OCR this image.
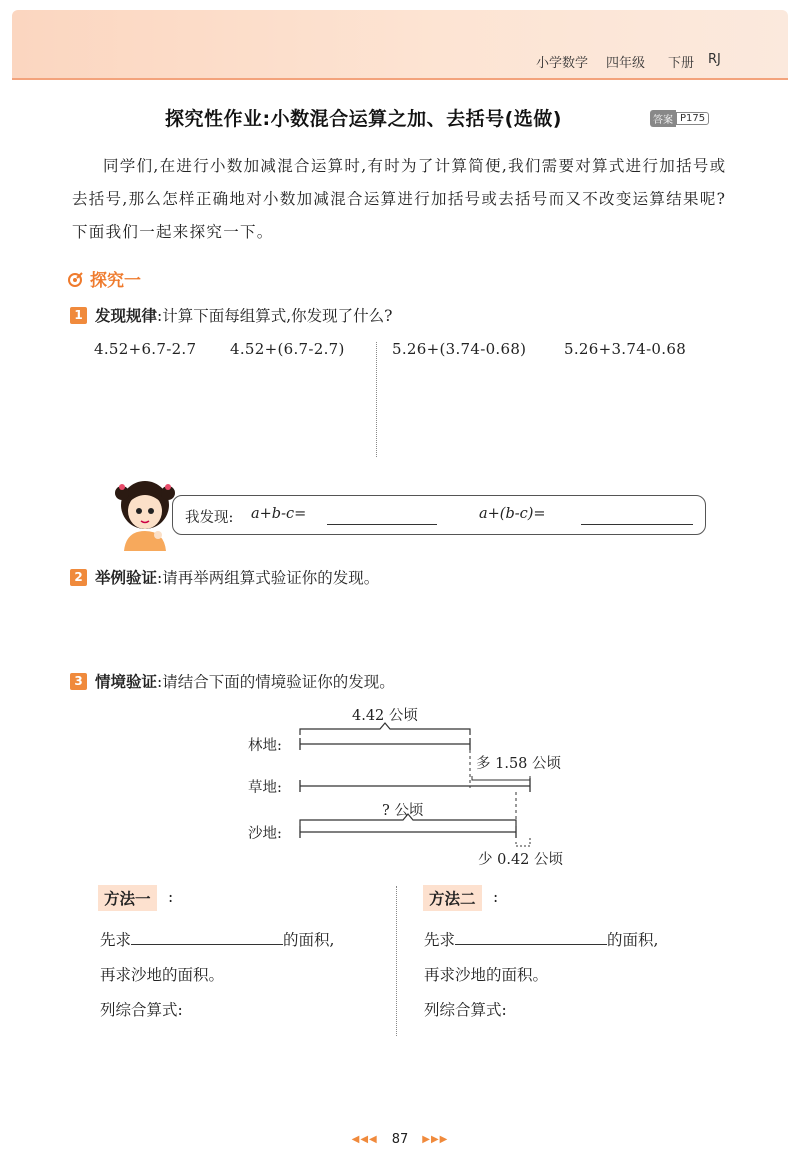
小学数学 四年级 下册 RJ
探究性作业:小数混合运算之加、去括号(选做)	答案 P175
同学们,在进行小数加减混合运算时,有时为了计算简便,我们需要对算式进行加括号或去括号,那么怎样正确地对小数加减混合运算进行加括号或去括号而又不改变运算结果呢?下面我们一起来探究一下。
探究一
1 发现规律 :计算下面每组算式,你发现了什么?
4.52+6.7-2.7 4.52+(6.7-2.7)	5.26+(3.74-0.68)	5.26+3.74-0.68
我发现: a+b-c=	a+(b-c)=
2 举例验证 :请再举两组算式验证你的发现。
3 情境验证 :请结合下面的情境验证你的发现。
林地:
草地:
沙地:
4.42 公顷
多 1.58 公顷
? 公顷
少 0.42 公顷
方法一	:
先求	的面积,
再求沙地的面积。
列综合算式:
方法二	:
先求	的面积,
再求沙地的面积。
列综合算式:
◀◀◀ 87 ▶▶▶
